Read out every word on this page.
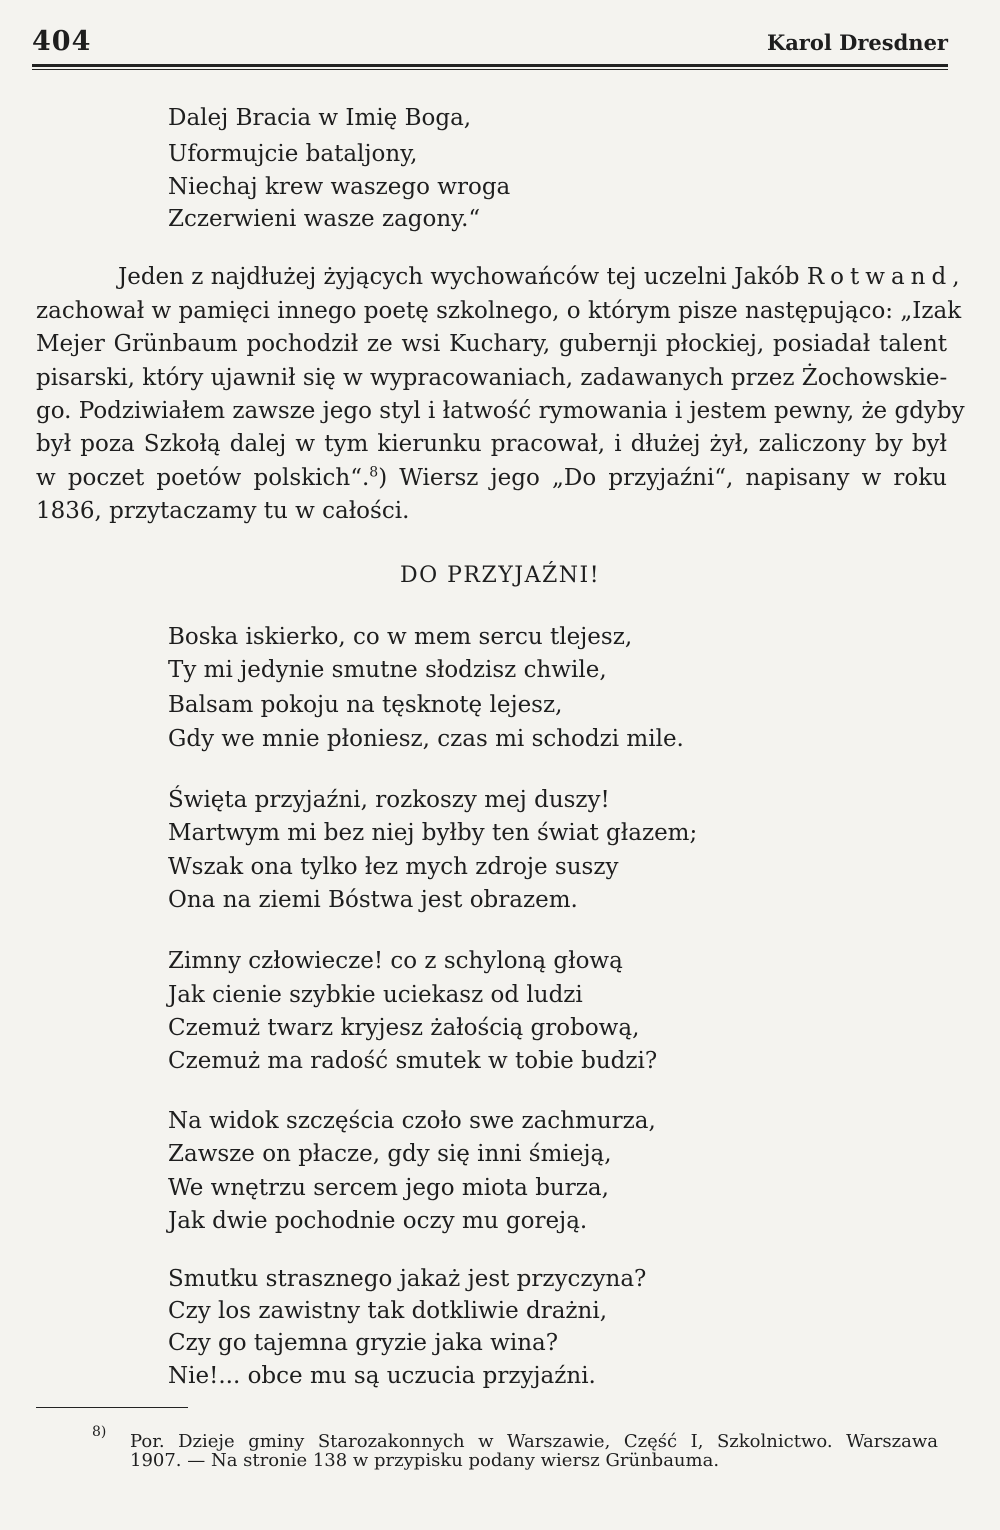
404	Karol Dresdner
Dalej Bracia w Imię Boga,
Uformujcie bataljony,
Niechaj krew waszego wroga
Zczerwieni wasze zagony.“
Jeden z najdłużej żyjących wychowańców tej uczelni Jakób Rotwand,
zachował w pamięci innego poetę szkolnego, o którym pisze następująco: „Izak
Mejer Grünbaum pochodził ze wsi Kuchary, gubernji płockiej, posiadał talent
pisarski, który ujawnił się w wypracowaniach, zadawanych przez Żochowskie-
go. Podziwiałem zawsze jego styl i łatwość rymowania i jestem pewny, że gdyby
był poza Szkołą dalej w tym kierunku pracował, i dłużej żył, zaliczony by był
w poczet poetów polskich“.$^8$) Wiersz jego „Do przyjaźni“, napisany w roku
1836, przytaczamy tu w całości.
DO PRZYJAŹNI!
Boska iskierko, co w mem sercu tlejesz,
Ty mi jedynie smutne słodzisz chwile,
Balsam pokoju na tęsknotę lejesz,
Gdy we mnie płoniesz, czas mi schodzi mile.
Święta przyjaźni, rozkoszy mej duszy!
Martwym mi bez niej byłby ten świat głazem;
Wszak ona tylko łez mych zdroje suszy
Ona na ziemi Bóstwa jest obrazem.
Zimny człowiecze! co z schyloną głową
Jak cienie szybkie uciekasz od ludzi
Czemuż twarz kryjesz żałością grobową,
Czemuż ma radość smutek w tobie budzi?
Na widok szczęścia czoło swe zachmurza,
Zawsze on płacze, gdy się inni śmieją,
We wnętrzu sercem jego miota burza,
Jak dwie pochodnie oczy mu goreją.
Smutku strasznego jakaż jest przyczyna?
Czy los zawistny tak dotkliwie drażni,
Czy go tajemna gryzie jaka wina?
Nie!... obce mu są uczucia przyjaźni.
8) Por. Dzieje gminy Starozakonnych w Warszawie, Część I, Szkolnictwo. Warszawa
1907. — Na stronie 138 w przypisku podany wiersz Grünbauma.
